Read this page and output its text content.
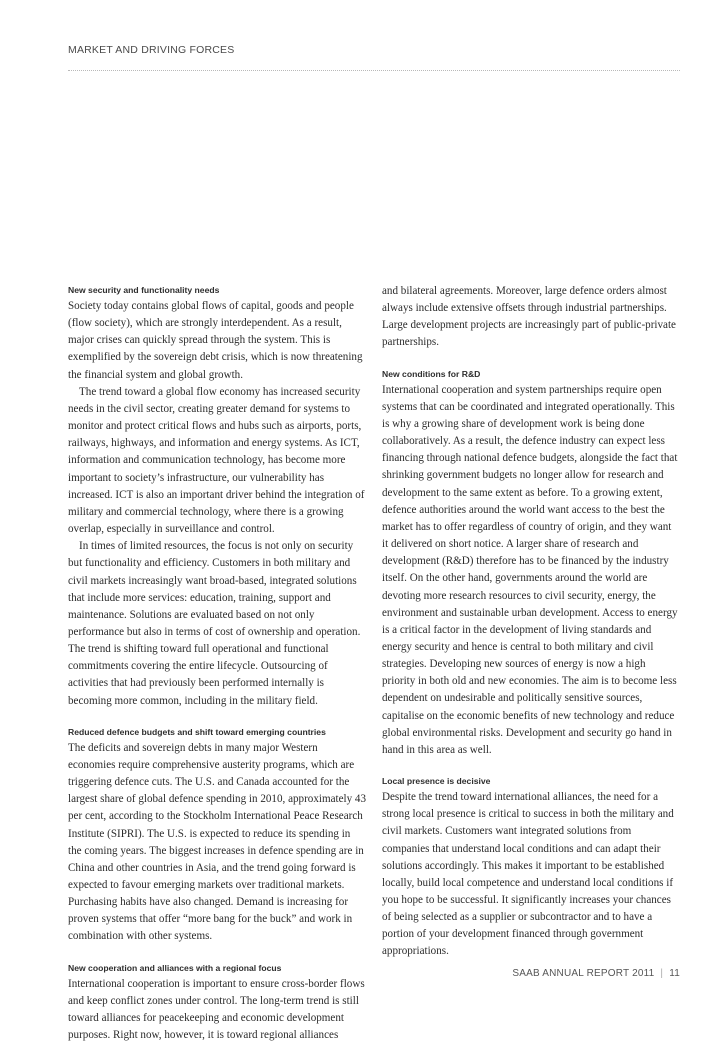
MARKET AND DRIVING FORCES
New security and functionality needs

Society today contains global flows of capital, goods and people (flow society), which are strongly interdependent. As a result, major crises can quickly spread through the system. This is exemplified by the sovereign debt crisis, which is now threatening the financial system and global growth.

The trend toward a global flow economy has increased security needs in the civil sector, creating greater demand for systems to monitor and protect critical flows and hubs such as airports, ports, railways, highways, and information and energy systems. As ICT, information and communication technology, has become more important to society’s infrastructure, our vulnerability has increased. ICT is also an important driver behind the integration of military and commercial technology, where there is a growing overlap, especially in surveillance and control.

In times of limited resources, the focus is not only on security but functionality and efficiency. Customers in both military and civil markets increasingly want broad-based, integrated solutions that include more services: education, training, support and maintenance. Solutions are evaluated based on not only performance but also in terms of cost of ownership and operation. The trend is shifting toward full operational and functional commitments covering the entire lifecycle. Outsourcing of activities that had previously been performed internally is becoming more common, including in the military field.

Reduced defence budgets and shift toward emerging countries

The deficits and sovereign debts in many major Western economies require comprehensive austerity programs, which are triggering defence cuts. The U.S. and Canada accounted for the largest share of global defence spending in 2010, approximately 43 per cent, according to the Stockholm International Peace Research Institute (SIPRI). The U.S. is expected to reduce its spending in the coming years. The biggest increases in defence spending are in China and other countries in Asia, and the trend going forward is expected to favour emerging markets over traditional markets. Purchasing habits have also changed. Demand is increasing for proven systems that offer “more bang for the buck” and work in combination with other systems.

New cooperation and alliances with a regional focus

International cooperation is important to ensure cross-border flows and keep conflict zones under control. The long-term trend is still toward alliances for peacekeeping and economic development purposes. Right now, however, it is toward regional alliances

and bilateral agreements. Moreover, large defence orders almost always include extensive offsets through industrial partnerships. Large development projects are increasingly part of public-private partnerships.

New conditions for R&D

International cooperation and system partnerships require open systems that can be coordinated and integrated operationally. This is why a growing share of development work is being done collaboratively. As a result, the defence industry can expect less financing through national defence budgets, alongside the fact that shrinking government budgets no longer allow for research and development to the same extent as before. To a growing extent, defence authorities around the world want access to the best the market has to offer regardless of country of origin, and they want it delivered on short notice. A larger share of research and development (R&D) therefore has to be financed by the industry itself. On the other hand, governments around the world are devoting more research resources to civil security, energy, the environment and sustainable urban development. Access to energy is a critical factor in the development of living standards and energy security and hence is central to both military and civil strategies. Developing new sources of energy is now a high priority in both old and new economies. The aim is to become less dependent on undesirable and politically sensitive sources, capitalise on the economic benefits of new technology and reduce global environmental risks. Development and security go hand in hand in this area as well.

Local presence is decisive

Despite the trend toward international alliances, the need for a strong local presence is critical to success in both the military and civil markets. Customers want integrated solutions from companies that understand local conditions and can adapt their solutions accordingly. This makes it important to be established locally, build local competence and understand local conditions if you hope to be successful. It significantly increases your chances of being selected as a supplier or subcontractor and to have a portion of your development financed through government appropriations.

SAAB ANNUAL REPORT 2011 | 11
